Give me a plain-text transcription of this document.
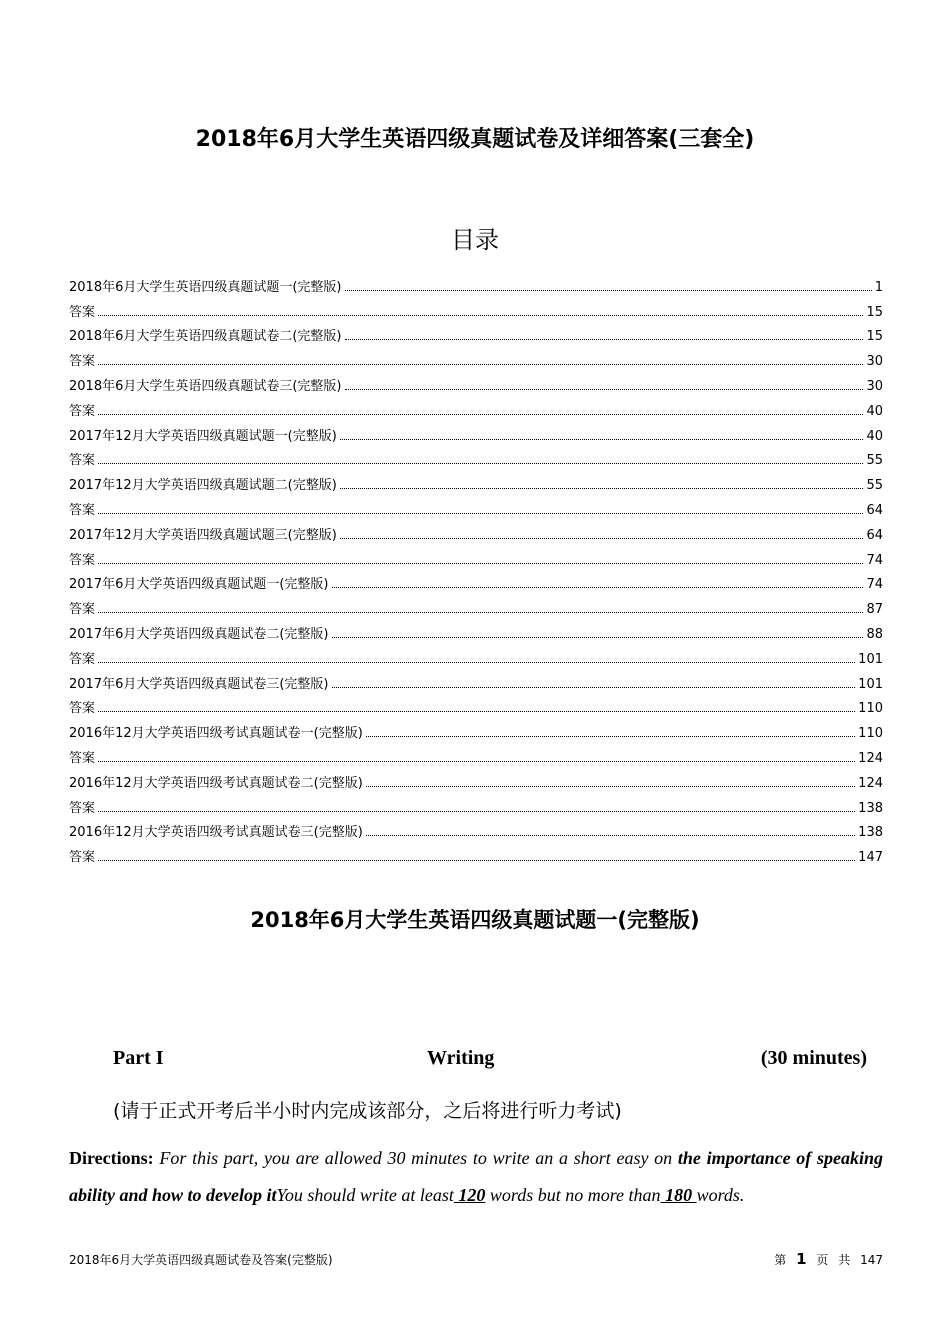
2018年6月大学生英语四级真题试卷及详细答案(三套全)
目录
2018年6月大学生英语四级真题试题一(完整版)	1
答案	15
2018年6月大学生英语四级真题试卷二(完整版)	15
答案	30
2018年6月大学生英语四级真题试卷三(完整版)	30
答案	40
2017年12月大学英语四级真题试题一(完整版)	40
答案	55
2017年12月大学英语四级真题试题二(完整版)	55
答案	64
2017年12月大学英语四级真题试题三(完整版)	64
答案	74
2017年6月大学英语四级真题试题一(完整版)	74
答案	87
2017年6月大学英语四级真题试卷二(完整版)	88
答案	101
2017年6月大学英语四级真题试卷三(完整版)	101
答案	110
2016年12月大学英语四级考试真题试卷一(完整版)	110
答案	124
2016年12月大学英语四级考试真题试卷二(完整版)	124
答案	138
2016年12月大学英语四级考试真题试卷三(完整版)	138
答案	147
2018年6月大学生英语四级真题试题一(完整版)
Part I	Writing	(30 minutes)
(请于正式开考后半小时内完成该部分，之后将进行听力考试)
Directions: For this part, you are allowed 30 minutes to write an a short easy on the importance of speaking ability and how to develop itYou should write at least 120 words but no more than 180 words.
2018年6月大学英语四级真题试卷及答案(完整版)	第 1 页 共 147
